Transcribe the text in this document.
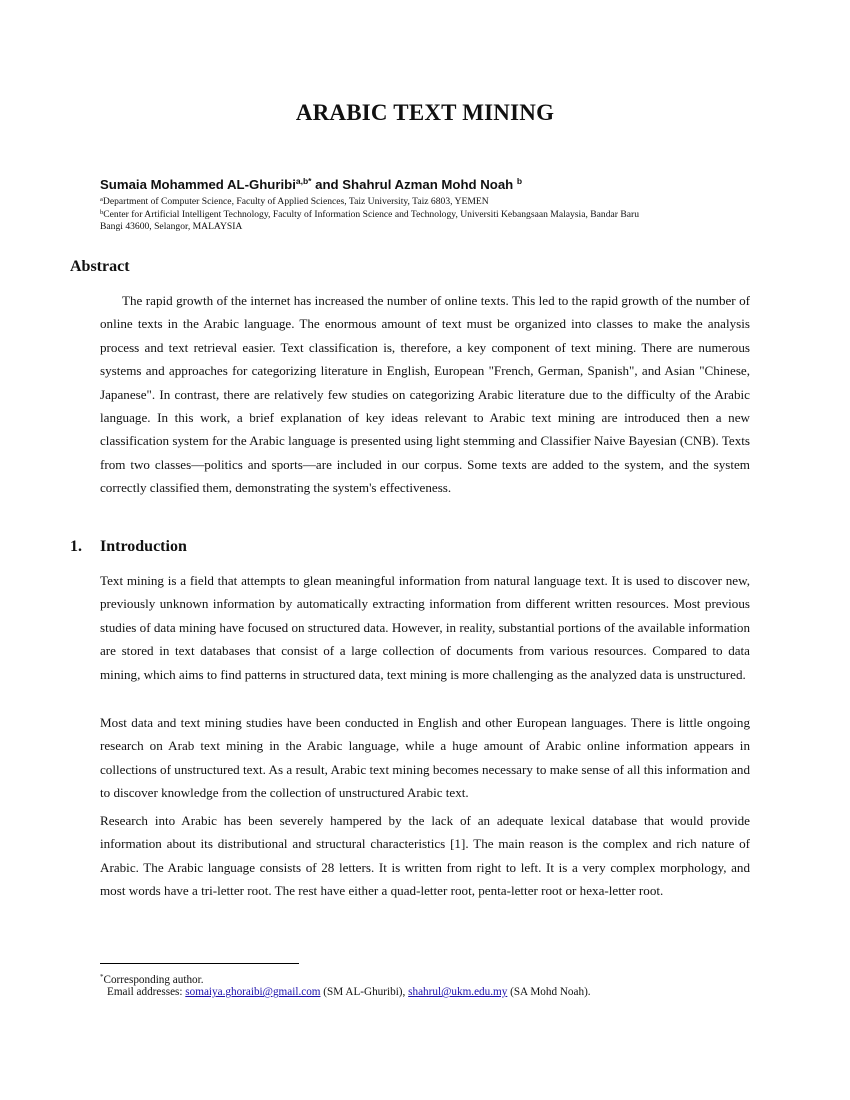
ARABIC TEXT MINING
Sumaia Mohammed AL-Ghuribi$^{a,b*}$ and Shahrul Azman Mohd Noah $^b$
$^a$Department of Computer Science, Faculty of Applied Sciences, Taiz University, Taiz 6803, YEMEN
$^b$Center for Artificial Intelligent Technology, Faculty of Information Science and Technology, Universiti Kebangsaan Malaysia, Bandar Baru Bangi 43600, Selangor, MALAYSIA
Abstract
The rapid growth of the internet has increased the number of online texts. This led to the rapid growth of the number of online texts in the Arabic language. The enormous amount of text must be organized into classes to make the analysis process and text retrieval easier. Text classification is, therefore, a key component of text mining. There are numerous systems and approaches for categorizing literature in English, European "French, German, Spanish", and Asian "Chinese, Japanese". In contrast, there are relatively few studies on categorizing Arabic literature due to the difficulty of the Arabic language. In this work, a brief explanation of key ideas relevant to Arabic text mining are introduced then a new classification system for the Arabic language is presented using light stemming and Classifier Naive Bayesian (CNB). Texts from two classes—politics and sports—are included in our corpus. Some texts are added to the system, and the system correctly classified them, demonstrating the system's effectiveness.
1. Introduction
Text mining is a field that attempts to glean meaningful information from natural language text. It is used to discover new, previously unknown information by automatically extracting information from different written resources. Most previous studies of data mining have focused on structured data. However, in reality, substantial portions of the available information are stored in text databases that consist of a large collection of documents from various resources. Compared to data mining, which aims to find patterns in structured data, text mining is more challenging as the analyzed data is unstructured.
Most data and text mining studies have been conducted in English and other European languages. There is little ongoing research on Arab text mining in the Arabic language, while a huge amount of Arabic online information appears in collections of unstructured text. As a result, Arabic text mining becomes necessary to make sense of all this information and to discover knowledge from the collection of unstructured Arabic text.
Research into Arabic has been severely hampered by the lack of an adequate lexical database that would provide information about its distributional and structural characteristics [1]. The main reason is the complex and rich nature of Arabic. The Arabic language consists of 28 letters. It is written from right to left. It is a very complex morphology, and most words have a tri-letter root. The rest have either a quad-letter root, penta-letter root or hexa-letter root.
*Corresponding author.
Email addresses: somaiya.ghoraibi@gmail.com (SM AL-Ghuribi), shahrul@ukm.edu.my (SA Mohd Noah).
